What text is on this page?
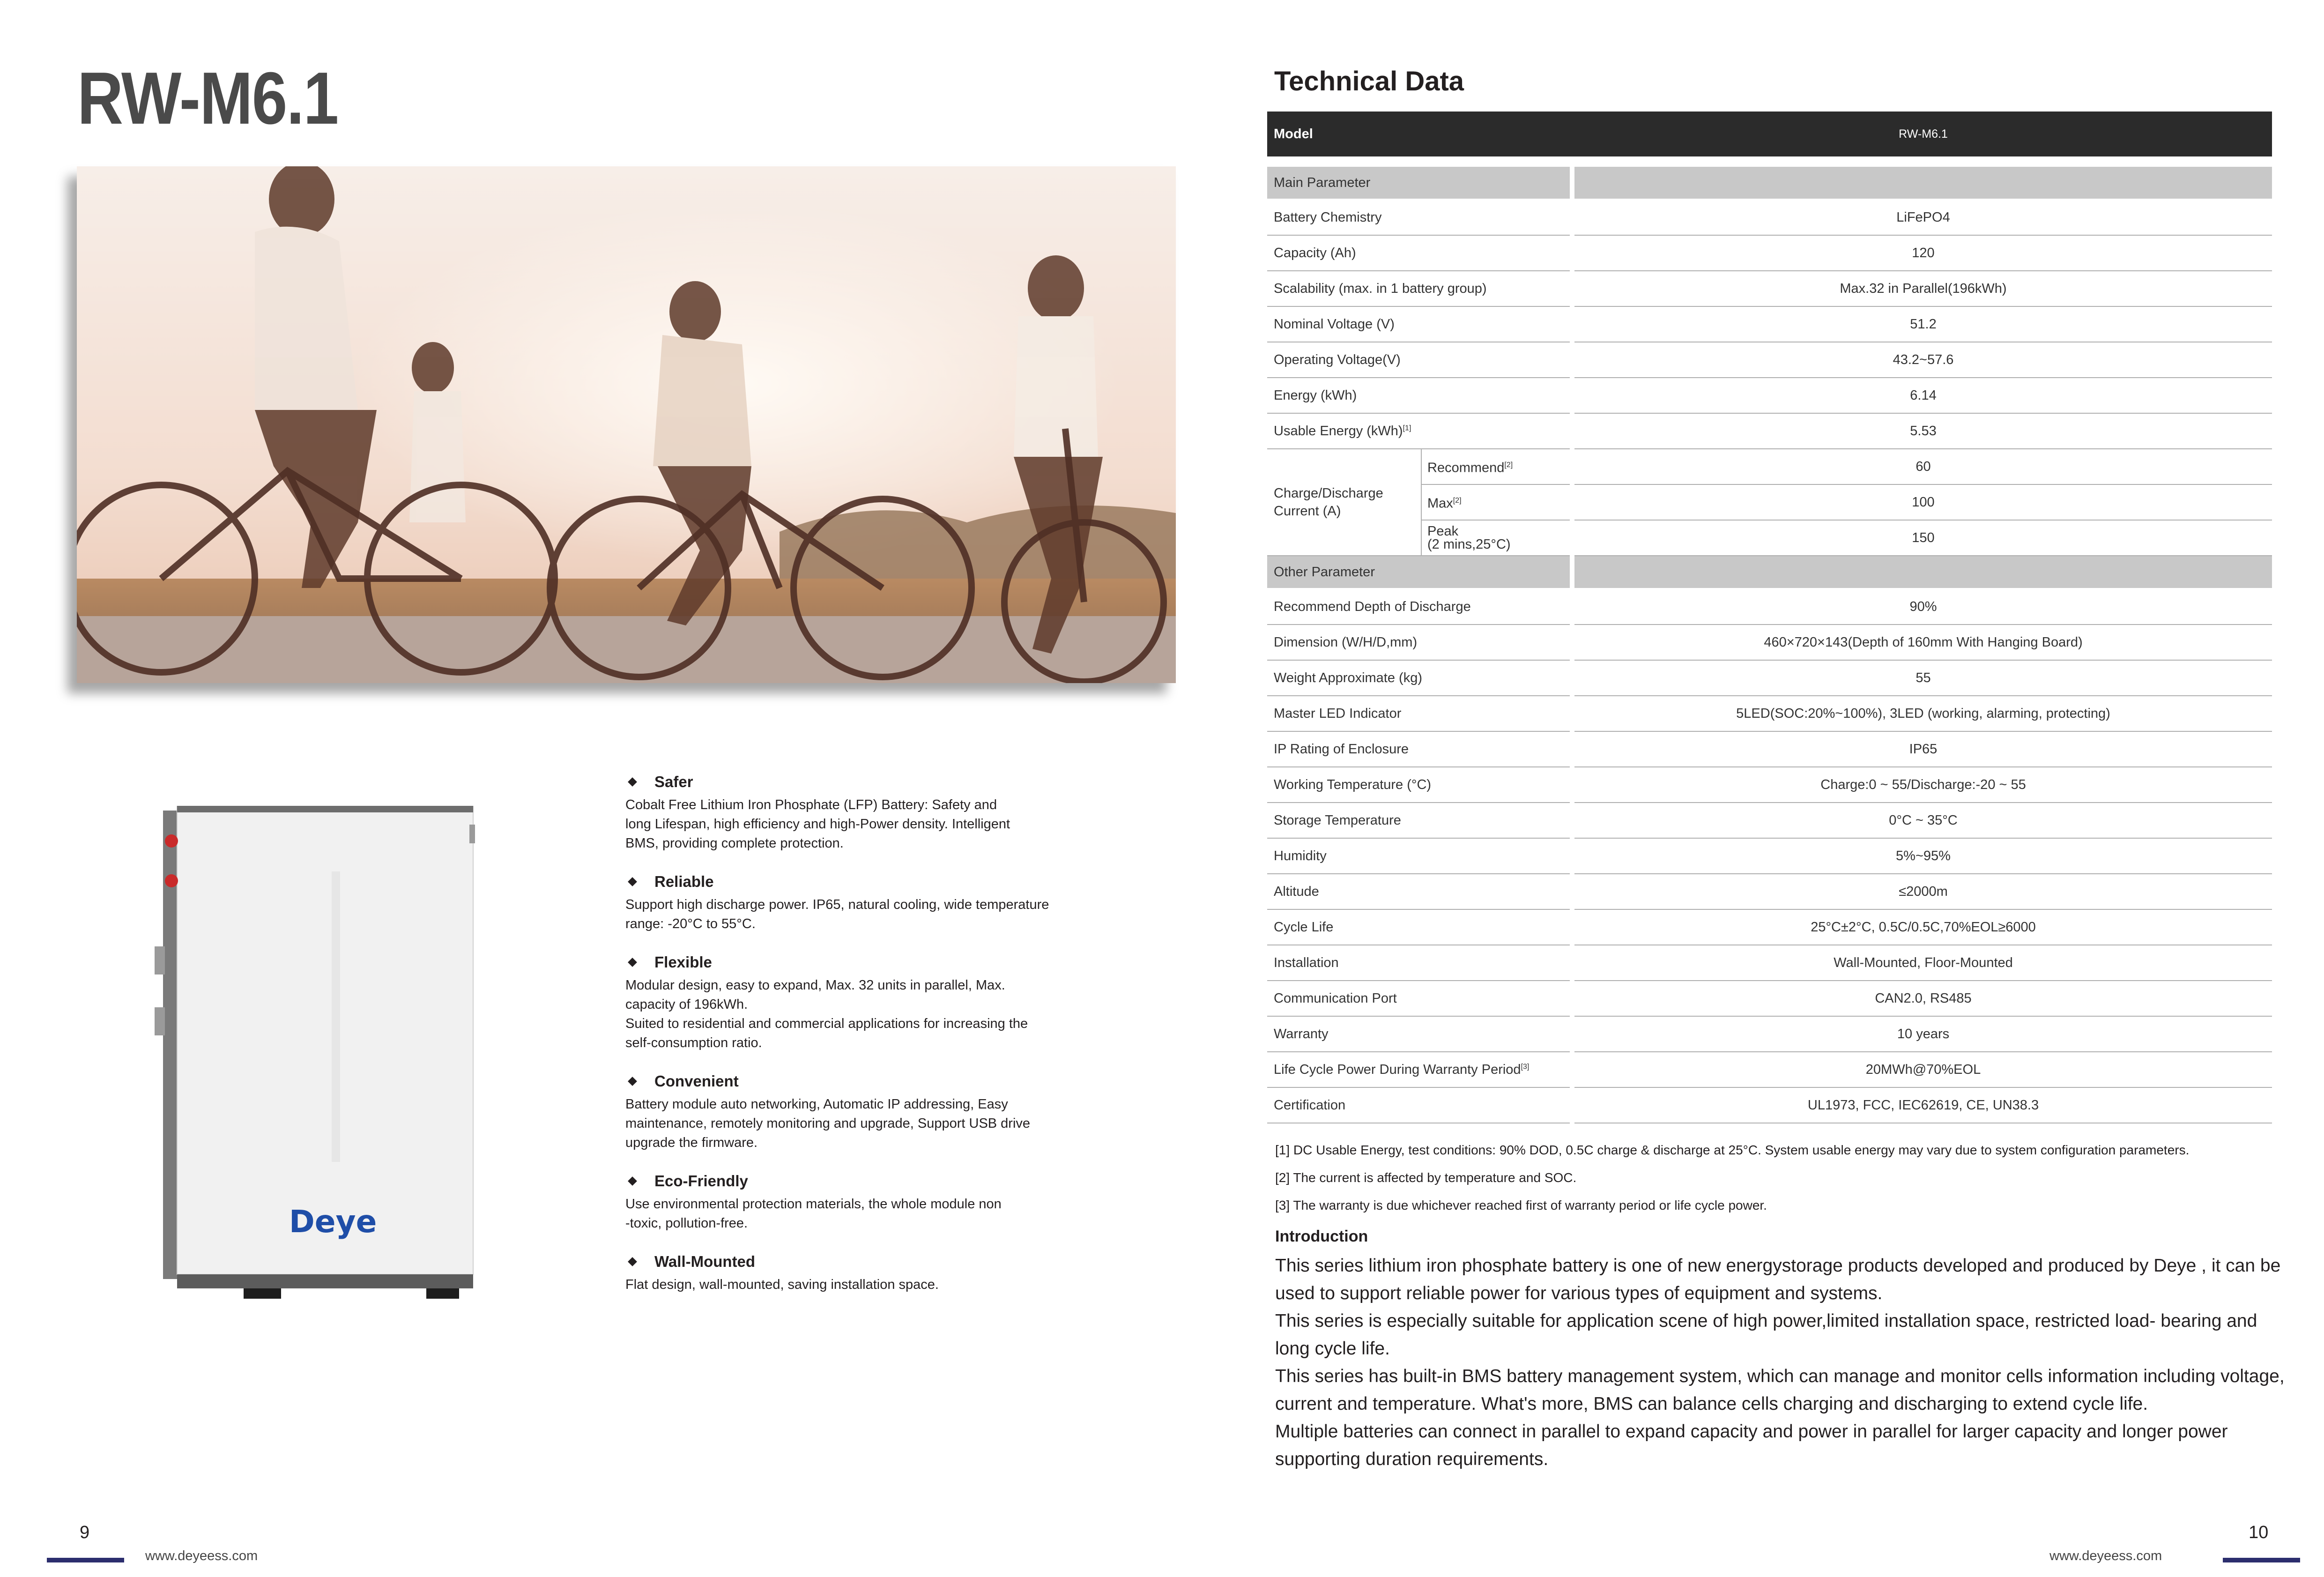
RW-M6.1
Deye
Safer
Cobalt Free Lithium Iron Phosphate (LFP) Battery: Safety and
long Lifespan, high efficiency and high-Power density. Intelligent
BMS, providing complete protection.
Reliable
Support high discharge power. IP65, natural cooling, wide temperature
range: -20°C to 55°C.
Flexible
Modular design, easy to expand, Max. 32 units in parallel, Max.
capacity of 196kWh.
Suited to residential and commercial applications for increasing the
self-consumption ratio.
Convenient
Battery module auto networking, Automatic IP addressing, Easy
maintenance, remotely monitoring and upgrade, Support USB drive
upgrade the firmware.
Eco-Friendly
Use environmental protection materials, the whole module non
-toxic, pollution-free.
Wall-Mounted
Flat design, wall-mounted, saving installation space.
9
www.deyeess.com
Technical Data
Model			RW-M6.1

Main Parameter			
Battery Chemistry			LiFePO4
Capacity (Ah)			120
Scalability (max. in 1 battery group)			Max.32 in Parallel(196kWh)
Nominal Voltage (V)			51.2
Operating Voltage(V)			43.2~57.6
Energy (kWh)			6.14
Usable Energy (kWh)[1]			5.53
Charge/Discharge Current (A)	Recommend[2]		60
	Max[2]		100
	Peak
(2 mins,25°C)		150
Other Parameter			
Recommend Depth of Discharge			90%
Dimension (W/H/D,mm)			460×720×143(Depth of 160mm With Hanging Board)
Weight Approximate (kg)			55
Master LED Indicator			5LED(SOC:20%~100%), 3LED (working, alarming, protecting)
IP Rating of Enclosure			IP65
Working Temperature (°C)			Charge:0 ~ 55/Discharge:-20 ~ 55
Storage Temperature			0°C ~ 35°C
Humidity			5%~95%
Altitude			≤2000m
Cycle Life			25°C±2°C, 0.5C/0.5C,70%EOL≥6000
Installation			Wall-Mounted, Floor-Mounted
Communication Port			CAN2.0, RS485
Warranty			10 years
Life Cycle Power During Warranty Period[3]			20MWh@70%EOL
Certification			UL1973, FCC, IEC62619, CE, UN38.3
[1] DC Usable Energy, test conditions: 90% DOD, 0.5C charge & discharge at 25°C. System usable energy may vary due to system configuration parameters.
[2] The current is affected by temperature and SOC.
[3] The warranty is due whichever reached first of warranty period or life cycle power.
Introduction

This series lithium iron phosphate battery is one of new energystorage products developed and produced by Deye , it can be used to support reliable power for various types of equipment and systems.

This series is especially suitable for application scene of high power,limited installation space, restricted load- bearing and long cycle life.

This series has built-in BMS battery management system, which can manage and monitor cells information including voltage, current and temperature. What's more, BMS can balance cells charging and discharging to extend cycle life.

Multiple batteries can connect in parallel to expand capacity and power in parallel for larger capacity and longer power supporting duration requirements.

10
www.deyeess.com
